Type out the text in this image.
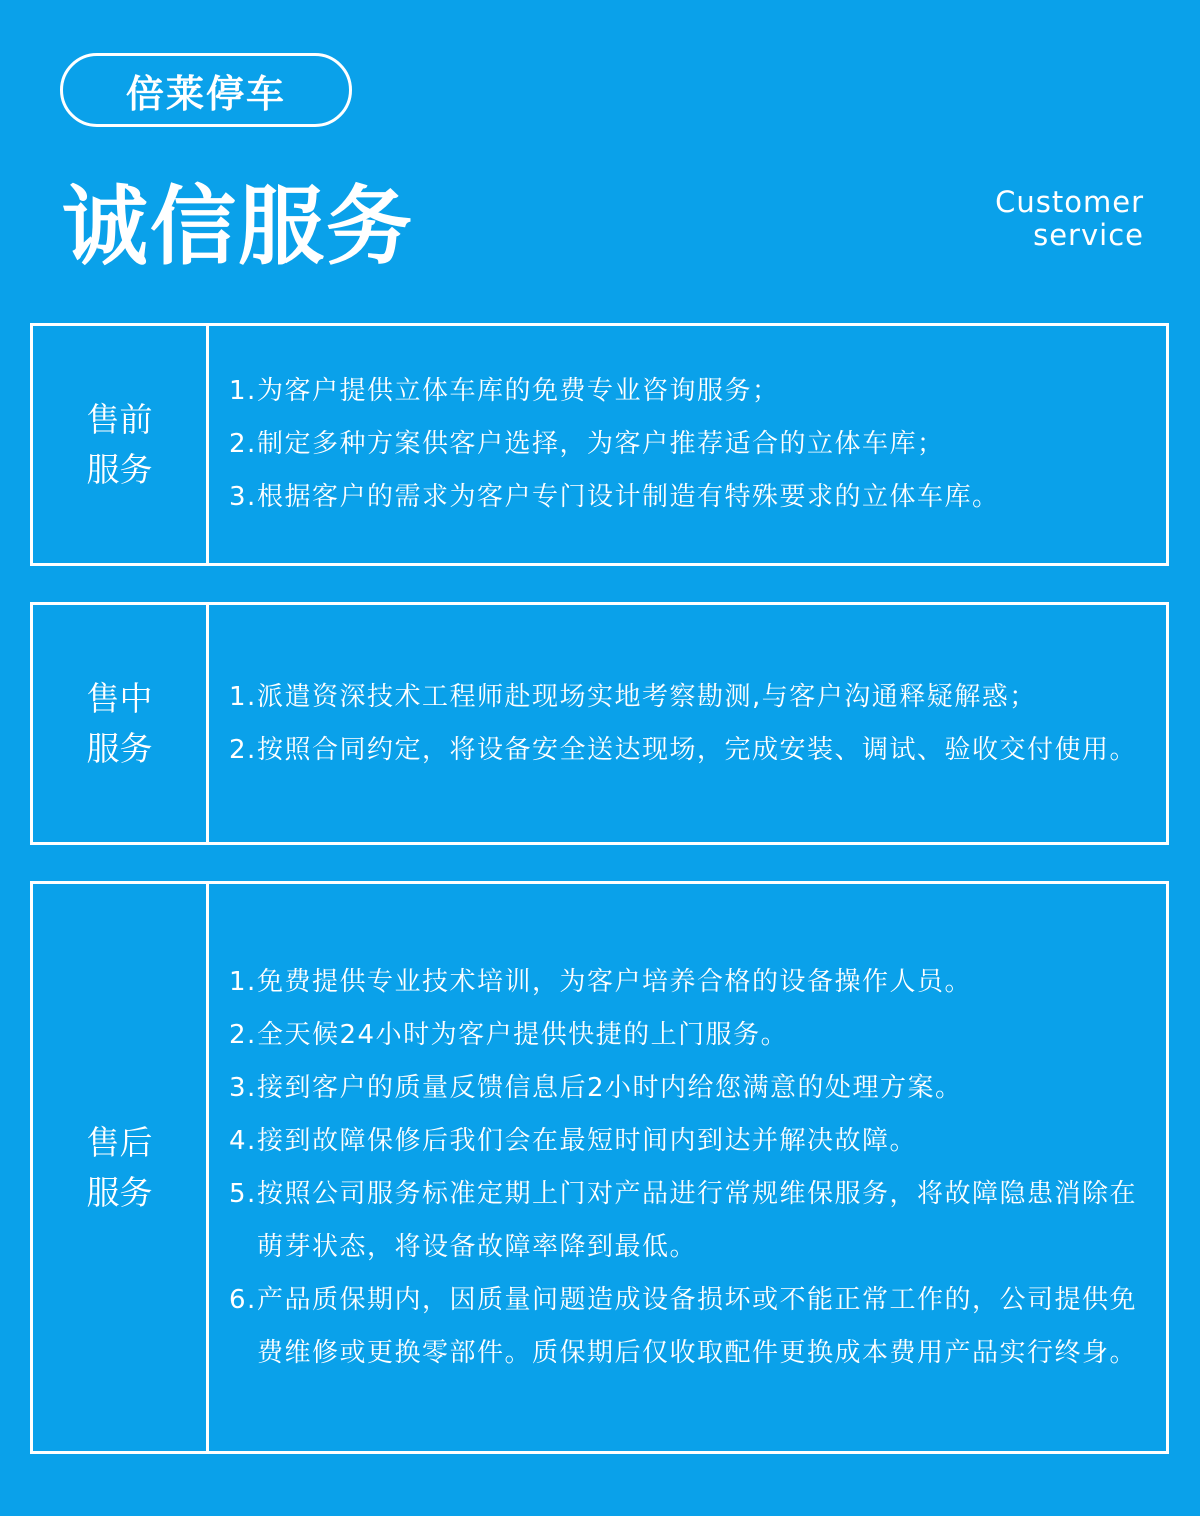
倍莱停车
诚信服务	Customer
service
售前
服务
1. 为客户提供立体车库的免费专业咨询服务；
2. 制定多种方案供客户选择，为客户推荐适合的立体车库；
3. 根据客户的需求为客户专门设计制造有特殊要求的立体车库。
售中
服务
1. 派遣资深技术工程师赴现场实地考察勘测,与客户沟通释疑解惑；
2. 按照合同约定，将设备安全送达现场，完成安装、调试、验收交付使用。
售后
服务
1. 免费提供专业技术培训，为客户培养合格的设备操作人员。
2. 全天候24小时为客户提供快捷的上门服务。
3. 接到客户的质量反馈信息后2小时内给您满意的处理方案。
4. 接到故障保修后我们会在最短时间内到达并解决故障。
5. 按照公司服务标准定期上门对产品进行常规维保服务，将故障隐患消除在萌芽状态，将设备故障率降到最低。
6. 产品质保期内，因质量问题造成设备损坏或不能正常工作的，公司提供免费维修或更换零部件。质保期后仅收取配件更换成本费用产品实行终身。
